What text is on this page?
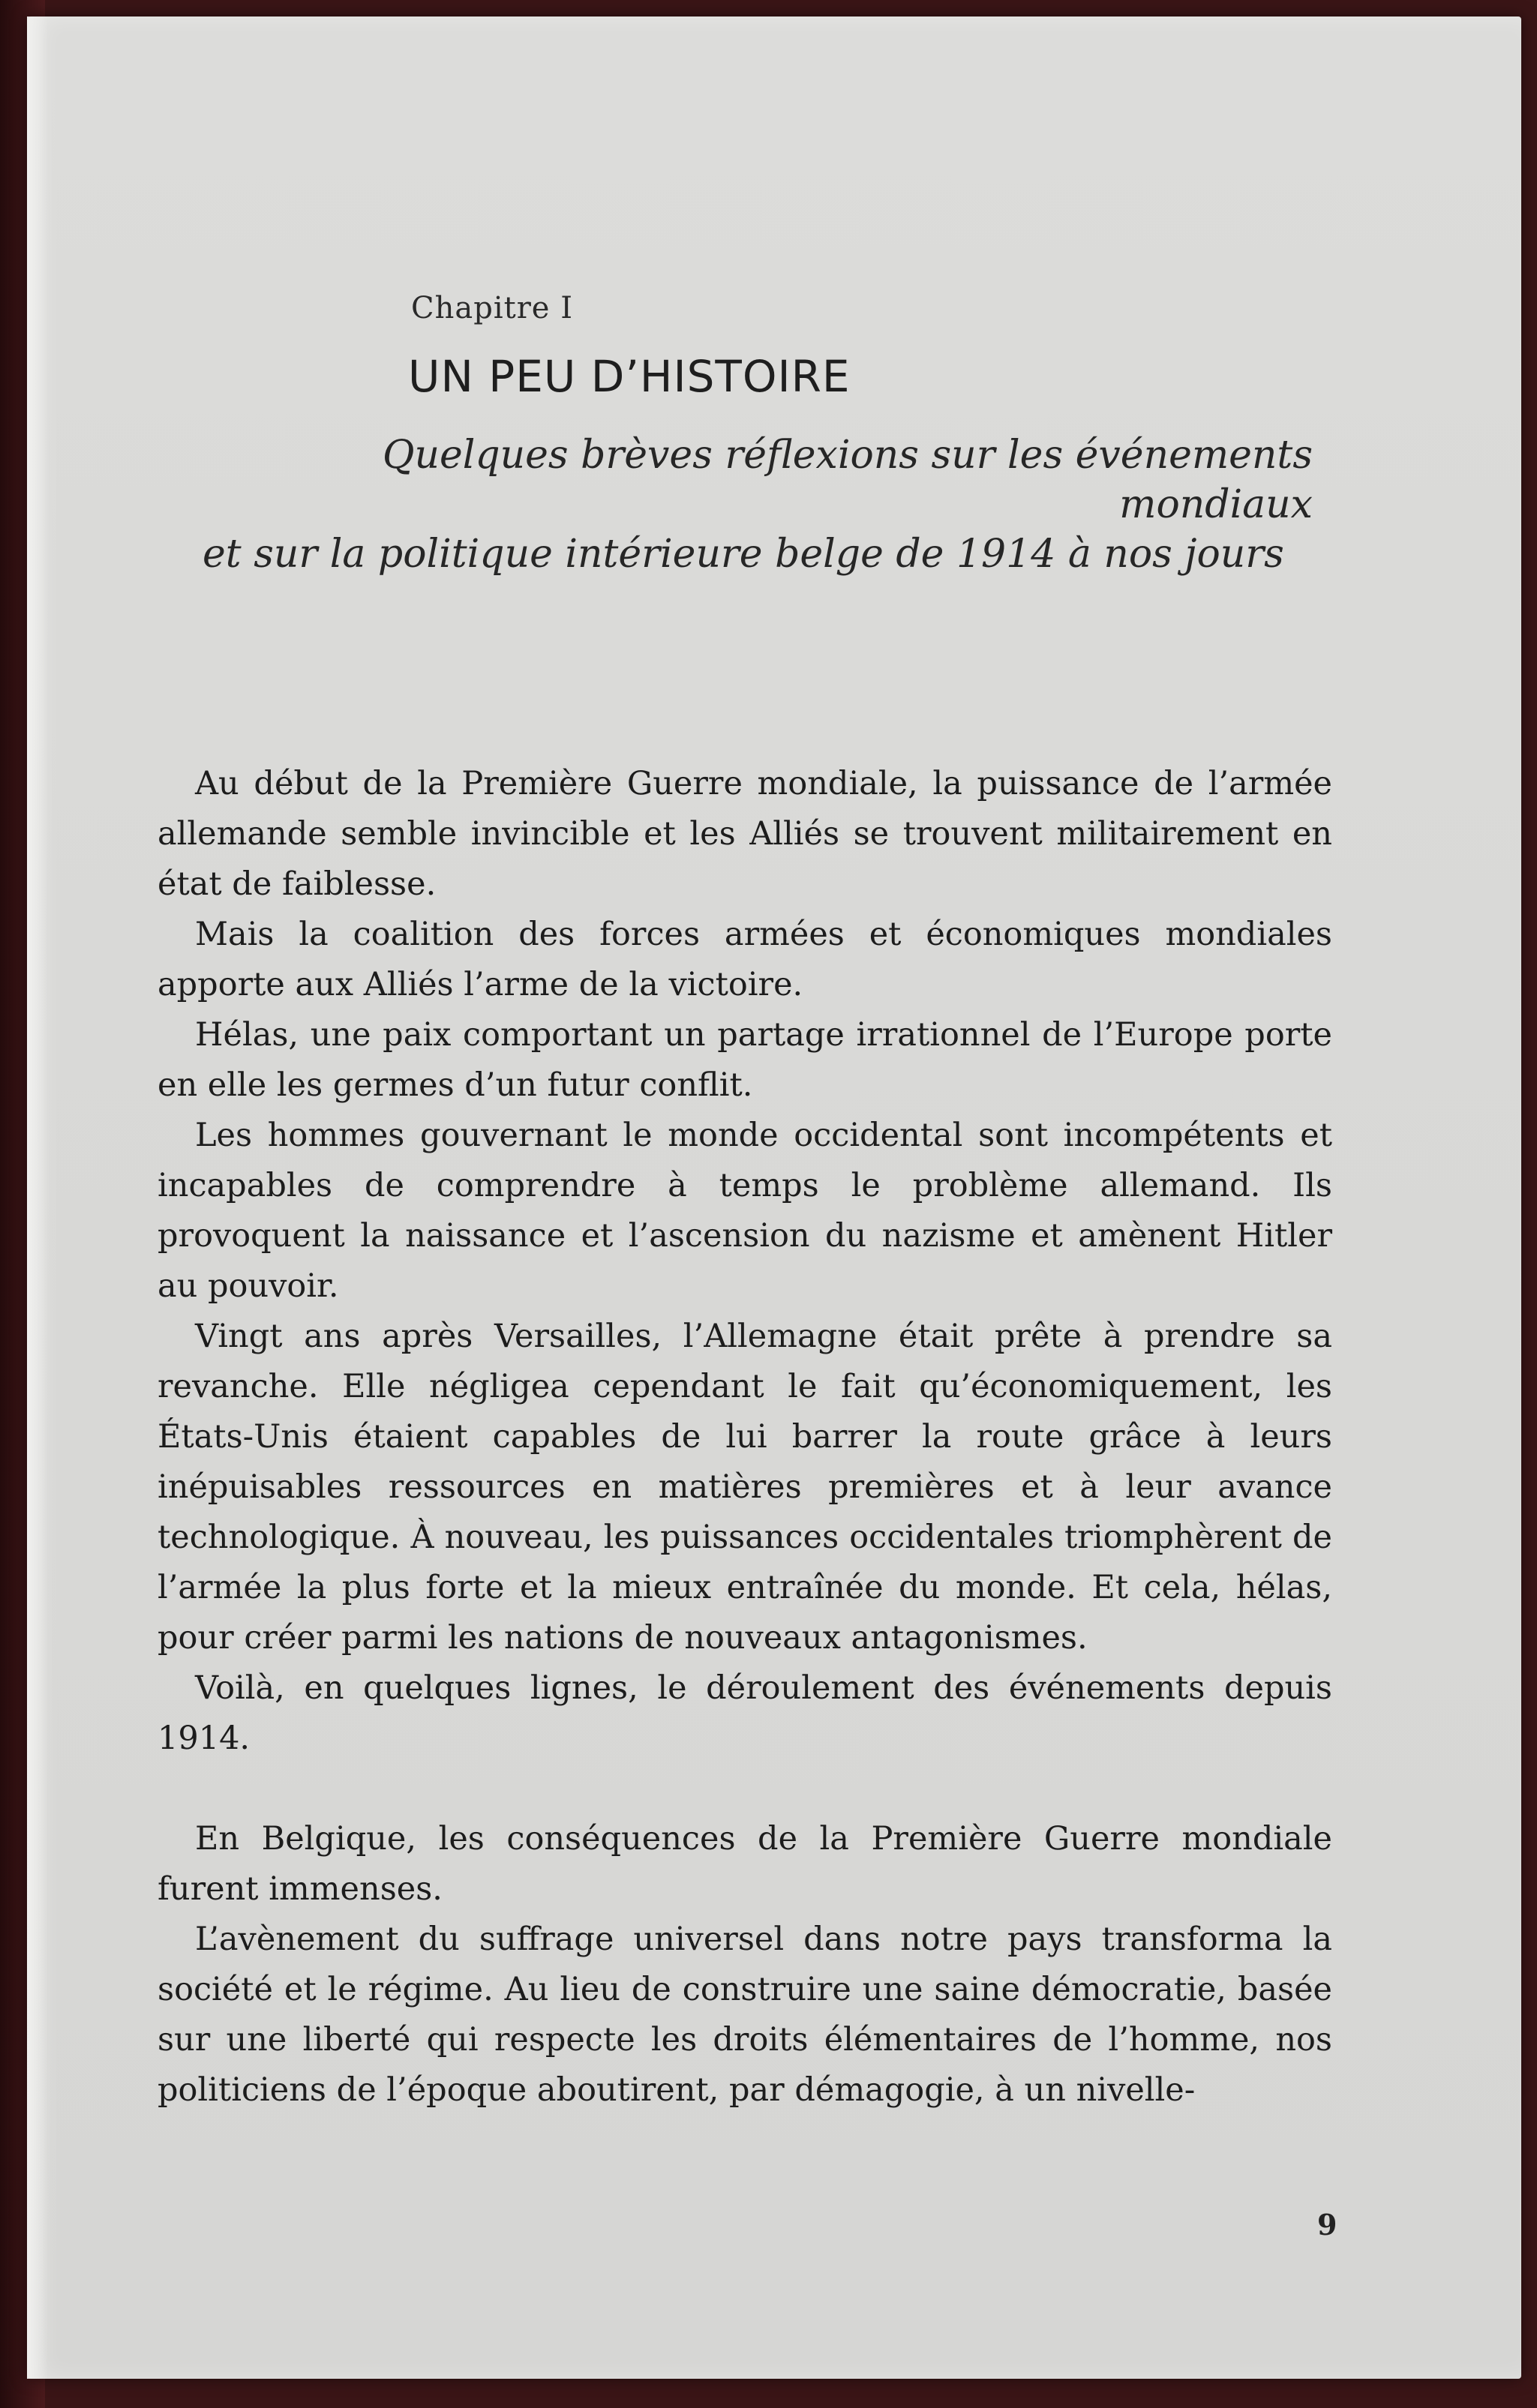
Chapitre I
UN PEU D’HISTOIRE
Quelques brèves réflexions sur les événements mondiaux
et sur la politique intérieure belge de 1914 à nos jours

Au début de la Première Guerre mondiale, la puissance de l’armée allemande semble invincible et les Alliés se trouvent militairement en état de faiblesse.

Mais la coalition des forces armées et économiques mondiales apporte aux Alliés l’arme de la victoire.

Hélas, une paix comportant un partage irrationnel de l’Europe porte en elle les germes d’un futur conflit.

Les hommes gouvernant le monde occidental sont incompétents et incapables de comprendre à temps le problème allemand. Ils provoquent la naissance et l’ascension du nazisme et amènent Hitler au pouvoir.

Vingt ans après Versailles, l’Allemagne était prête à prendre sa revanche. Elle négligea cependant le fait qu’économiquement, les États-Unis étaient capables de lui barrer la route grâce à leurs inépuisables ressources en matières premières et à leur avance technologique. À nouveau, les puissances occidentales triomphèrent de l’armée la plus forte et la mieux entraînée du monde. Et cela, hélas, pour créer parmi les nations de nouveaux antagonismes.

Voilà, en quelques lignes, le déroulement des événements depuis 1914.

En Belgique, les conséquences de la Première Guerre mondiale furent immenses.

L’avènement du suffrage universel dans notre pays transforma la société et le régime. Au lieu de construire une saine démocratie, basée sur une liberté qui respecte les droits élémentaires de l’homme, nos politiciens de l’époque aboutirent, par démagogie, à un nivelle-

9
